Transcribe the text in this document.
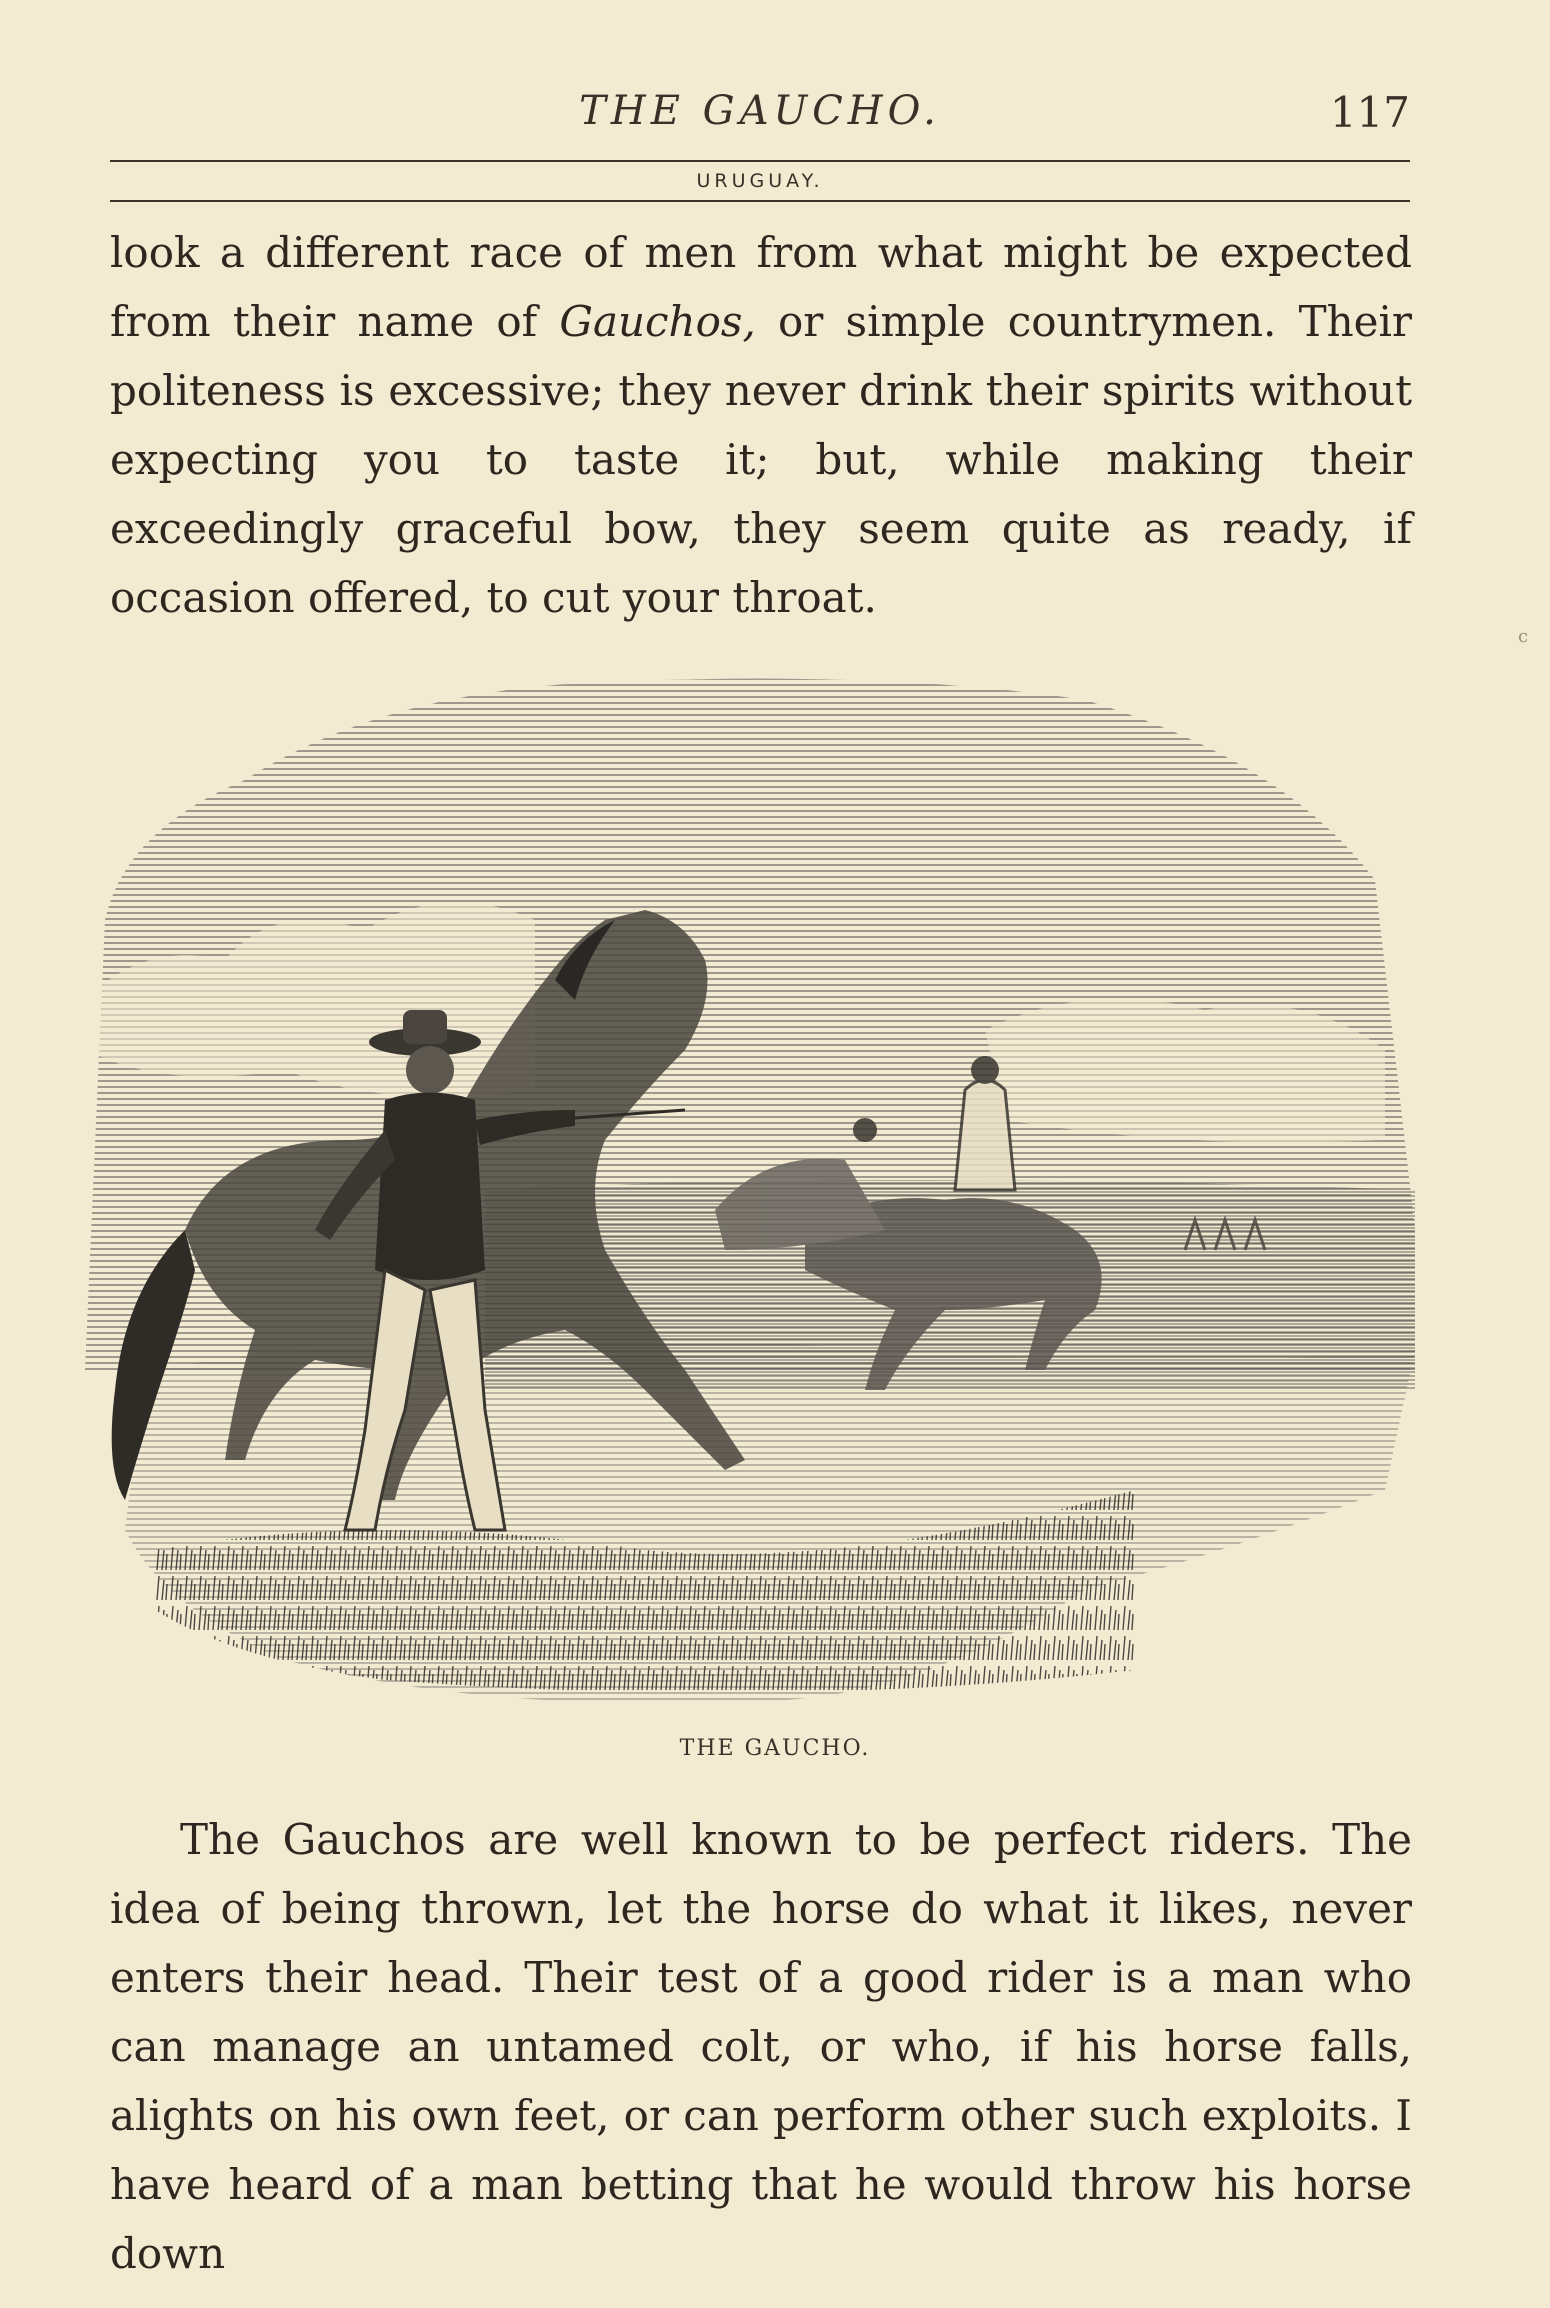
THE GAUCHO.	117
URUGUAY.

look a different race of men from what might be expected from their name of Gauchos, or simple countrymen. Their politeness is excessive; they never drink their spirits without expecting you to taste it; but, while making their exceedingly graceful bow, they seem quite as ready, if occasion offered, to cut your throat.

c
THE GAUCHO.

The Gauchos are well known to be perfect riders. The idea of being thrown, let the horse do what it likes, never enters their head. Their test of a good rider is a man who can manage an untamed colt, or who, if his horse falls, alights on his own feet, or can perform other such exploits. I have heard of a man betting that he would throw his horse down
